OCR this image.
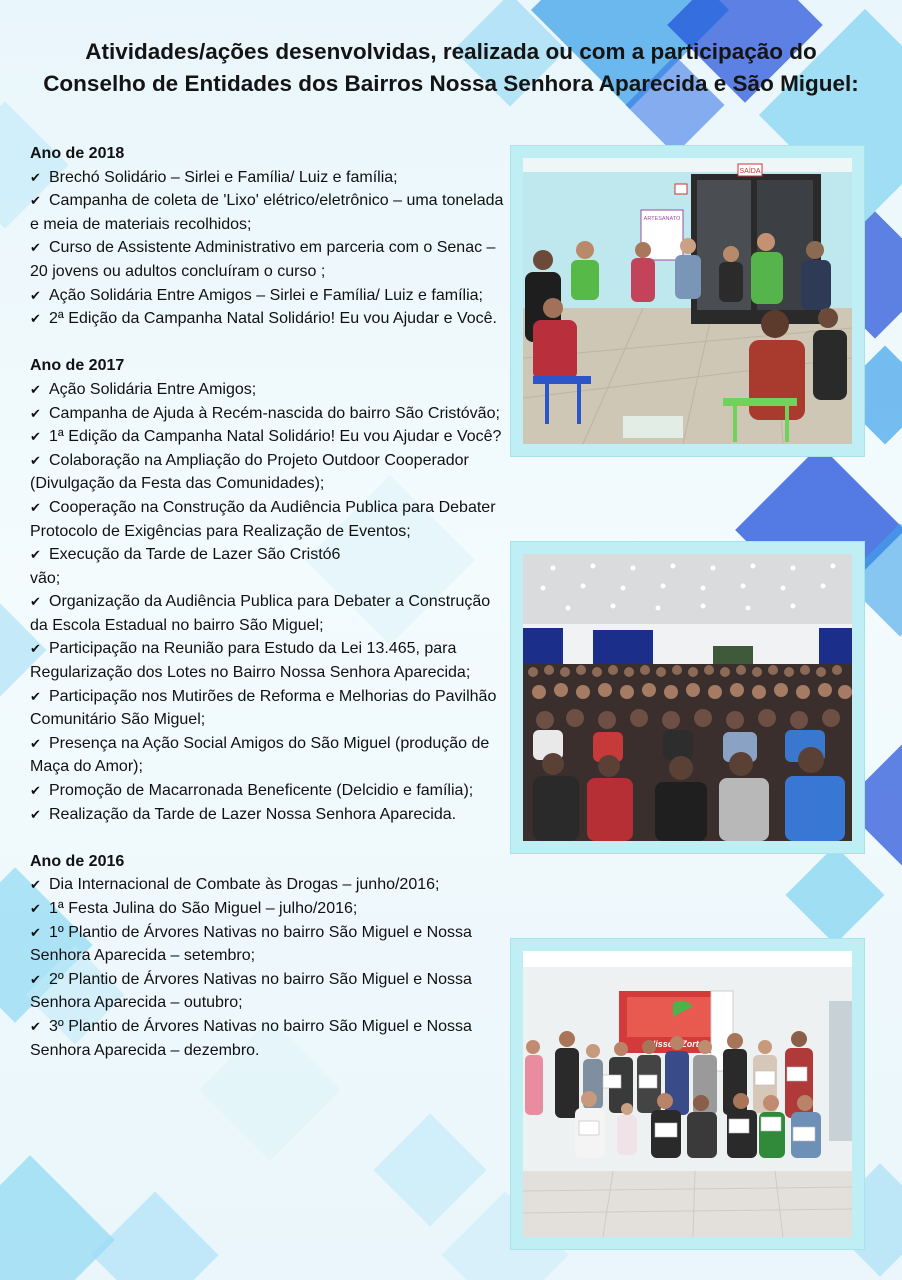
Atividades/ações desenvolvidas, realizada ou com a participação do
Conselho de Entidades dos Bairros Nossa Senhora Aparecida e São Miguel:
Ano de 2018
✔ Brechó Solidário – Sirlei e Família/ Luiz e família;
✔ Campanha de coleta de 'Lixo' elétrico/eletrônico – uma tonelada e meia de materiais recolhidos;
✔ Curso de Assistente Administrativo em parceria com o Senac – 20 jovens ou adultos concluíram o curso ;
✔ Ação Solidária Entre Amigos – Sirlei e Família/ Luiz e família;
✔ 2ª Edição da Campanha Natal Solidário! Eu vou Ajudar e Você.
Ano de 2017
✔ Ação Solidária Entre Amigos;
✔ Campanha de Ajuda à Recém-nascida do bairro São Cristóvão;
✔ 1ª Edição da Campanha Natal Solidário! Eu vou Ajudar e Você?
✔ Colaboração na Ampliação do Projeto Outdoor Cooperador (Divulgação da Festa das Comunidades);
✔ Cooperação na Construção da Audiência Publica para Debater Protocolo de Exigências para Realização de Eventos;
✔ Execução da Tarde de Lazer São Cristó6
vão;
✔ Organização da Audiência Publica para Debater a Construção da Escola Estadual no bairro São Miguel;
✔ Participação na Reunião para Estudo da Lei 13.465, para Regularização dos Lotes no Bairro Nossa Senhora Aparecida;
✔ Participação nos Mutirões de Reforma e Melhorias do Pavilhão Comunitário São Miguel;
✔ Presença na Ação Social Amigos do São Miguel (produção de Maça do Amor);
✔ Promoção de Macarronada Beneficente (Delcidio e família);
✔ Realização da Tarde de Lazer Nossa Senhora Aparecida.
Ano de 2016
✔ Dia Internacional de Combate às Drogas – junho/2016;
✔ 1ª Festa Julina do São Miguel – julho/2016;
✔ 1º Plantio de Árvores Nativas no bairro São Miguel e Nossa Senhora Aparecida – setembro;
✔ 2º Plantio de Árvores Nativas no bairro São Miguel e Nossa Senhora Aparecida – outubro;
✔ 3º Plantio de Árvores Nativas no bairro São Miguel e Nossa Senhora Aparecida – dezembro.
SAÍDA
ARTESANATO
Alisson Zorte
